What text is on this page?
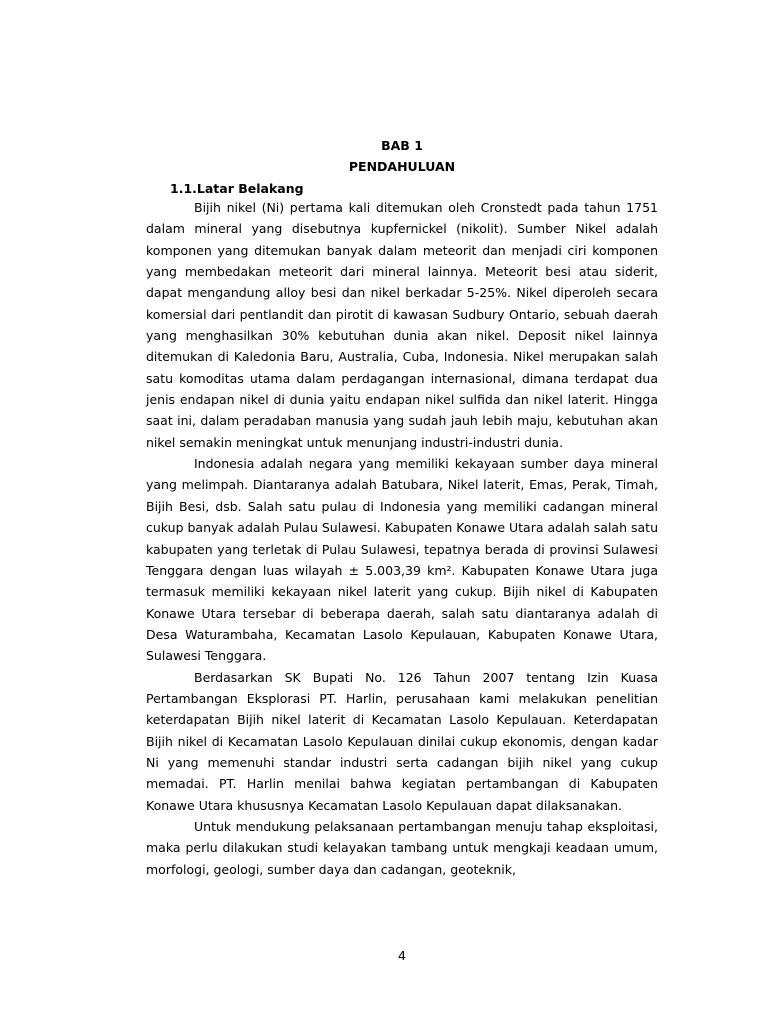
BAB 1
PENDAHULUAN
1.1.Latar Belakang

Bijih nikel (Ni) pertama kali ditemukan oleh Cronstedt pada tahun 1751 dalam mineral yang disebutnya kupfernickel (nikolit). Sumber Nikel adalah komponen yang ditemukan banyak dalam meteorit dan menjadi ciri komponen yang membedakan meteorit dari mineral lainnya. Meteorit besi atau siderit, dapat mengandung alloy besi dan nikel berkadar 5-25%. Nikel diperoleh secara komersial dari pentlandit dan pirotit di kawasan Sudbury Ontario, sebuah daerah yang menghasilkan 30% kebutuhan dunia akan nikel. Deposit nikel lainnya ditemukan di Kaledonia Baru, Australia, Cuba, Indonesia. Nikel merupakan salah satu komoditas utama dalam perdagangan internasional, dimana terdapat dua jenis endapan nikel di dunia yaitu endapan nikel sulfida dan nikel laterit. Hingga saat ini, dalam peradaban manusia yang sudah jauh lebih maju, kebutuhan akan nikel semakin meningkat untuk menunjang industri-industri dunia.

Indonesia adalah negara yang memiliki kekayaan sumber daya mineral yang melimpah. Diantaranya adalah Batubara, Nikel laterit, Emas, Perak, Timah, Bijih Besi, dsb. Salah satu pulau di Indonesia yang memiliki cadangan mineral cukup banyak adalah Pulau Sulawesi. Kabupaten Konawe Utara adalah salah satu kabupaten yang terletak di Pulau Sulawesi, tepatnya berada di provinsi Sulawesi Tenggara dengan luas wilayah ± 5.003,39 km². Kabupaten Konawe Utara juga termasuk memiliki kekayaan nikel laterit yang cukup. Bijih nikel di Kabupaten Konawe Utara tersebar di beberapa daerah, salah satu diantaranya adalah di Desa Waturambaha, Kecamatan Lasolo Kepulauan, Kabupaten Konawe Utara, Sulawesi Tenggara.

Berdasarkan SK Bupati No. 126 Tahun 2007 tentang Izin Kuasa Pertambangan Eksplorasi PT. Harlin, perusahaan kami melakukan penelitian keterdapatan Bijih nikel laterit di Kecamatan Lasolo Kepulauan. Keterdapatan Bijih nikel di Kecamatan Lasolo Kepulauan dinilai cukup ekonomis, dengan kadar Ni yang memenuhi standar industri serta cadangan bijih nikel yang cukup memadai. PT. Harlin menilai bahwa kegiatan pertambangan di Kabupaten Konawe Utara khususnya Kecamatan Lasolo Kepulauan dapat dilaksanakan.

Untuk mendukung pelaksanaan pertambangan menuju tahap eksploitasi, maka perlu dilakukan studi kelayakan tambang untuk mengkaji keadaan umum, morfologi, geologi, sumber daya dan cadangan, geoteknik,

4
